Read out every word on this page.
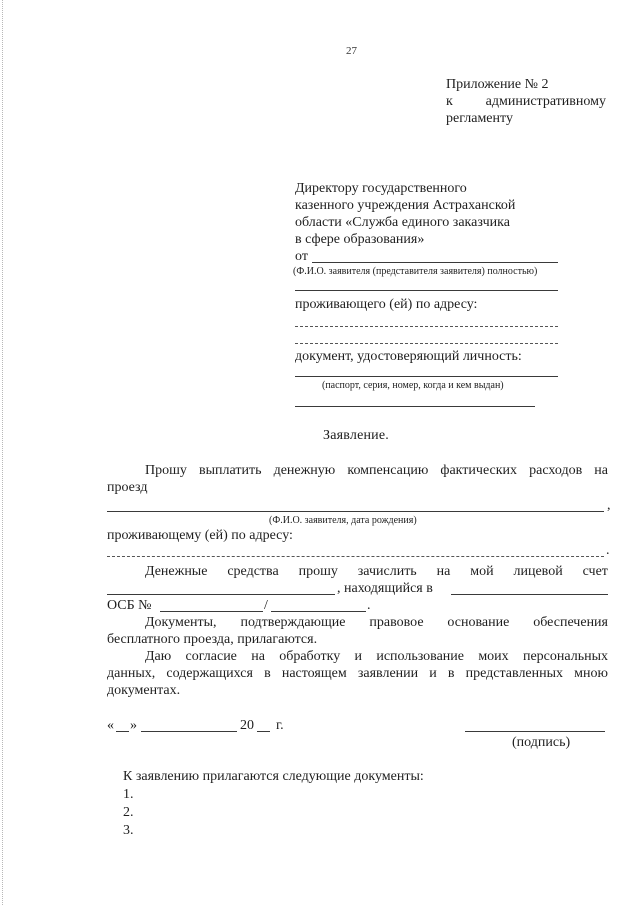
27
Приложение № 2
к административному
регламенту
Директору государственного
казенного учреждения Астраханской
области «Служба единого заказчика
в сфере образования»
от
(Ф.И.О. заявителя (представителя заявителя) полностью)
проживающего (ей) по адресу:
документ, удостоверяющий личность:
(паспорт, серия, номер, когда и кем выдан)
Заявление.
Прошу выплатить денежную компенсацию фактических расходов на
проезд
,
(Ф.И.О. заявителя, дата рождения)
проживающему (ей) по адресу:
.
Денежные средства прошу зачислить на мой лицевой счет
, находящийся в
ОСБ №	/	.
Документы, подтверждающие правовое основание обеспечения
бесплатного проезда, прилагаются.
Даю согласие на обработку и использование моих персональных
данных, содержащихся в настоящем заявлении и в представленных мною
документах.
« »	20 г.
(подпись)
К заявлению прилагаются следующие документы:
1.
2.
3.
